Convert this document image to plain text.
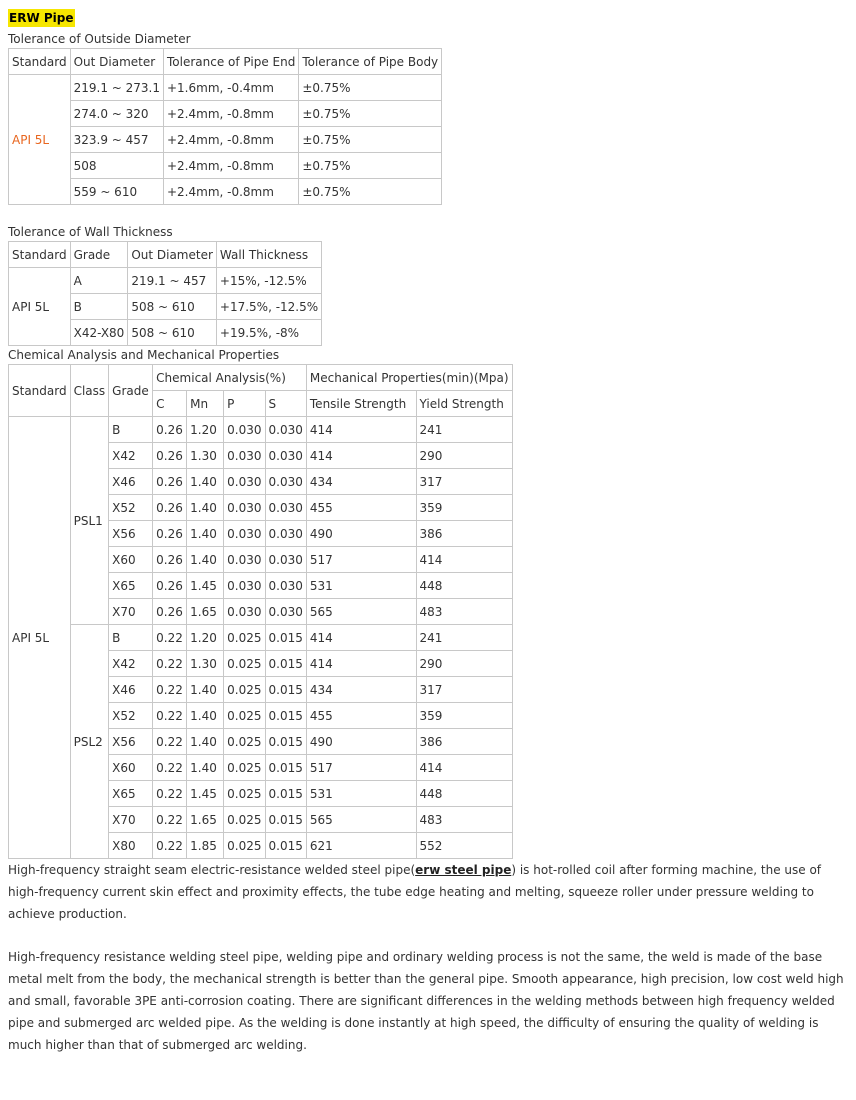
ERW Pipe
Tolerance of Outside Diameter
Standard	Out Diameter	Tolerance of Pipe End	Tolerance of Pipe Body
API 5L	219.1 ~ 273.1	+1.6mm, -0.4mm	±0.75%
	274.0 ~ 320	+2.4mm, -0.8mm	±0.75%
	323.9 ~ 457	+2.4mm, -0.8mm	±0.75%
	508	+2.4mm, -0.8mm	±0.75%
	559 ~ 610	+2.4mm, -0.8mm	±0.75%
Tolerance of Wall Thickness
Standard	Grade	Out Diameter	Wall Thickness
API 5L	A	219.1 ~ 457	+15%, -12.5%
	B	508 ~ 610	+17.5%, -12.5%
	X42-X80	508 ~ 610	+19.5%, -8%
Chemical Analysis and Mechanical Properties
Standard	Class	Grade	Chemical Analysis(%)				Mechanical Properties(min)(Mpa)	
			C	Mn	P	S	Tensile Strength	Yield Strength
API 5L	PSL1	B	0.26	1.20	0.030	0.030	414	241
		X42	0.26	1.30	0.030	0.030	414	290
		X46	0.26	1.40	0.030	0.030	434	317
		X52	0.26	1.40	0.030	0.030	455	359
		X56	0.26	1.40	0.030	0.030	490	386
		X60	0.26	1.40	0.030	0.030	517	414
		X65	0.26	1.45	0.030	0.030	531	448
		X70	0.26	1.65	0.030	0.030	565	483
	PSL2	B	0.22	1.20	0.025	0.015	414	241
		X42	0.22	1.30	0.025	0.015	414	290
		X46	0.22	1.40	0.025	0.015	434	317
		X52	0.22	1.40	0.025	0.015	455	359
		X56	0.22	1.40	0.025	0.015	490	386
		X60	0.22	1.40	0.025	0.015	517	414
		X65	0.22	1.45	0.025	0.015	531	448
		X70	0.22	1.65	0.025	0.015	565	483
		X80	0.22	1.85	0.025	0.015	621	552

High-frequency straight seam electric-resistance welded steel pipe(erw steel pipe) is hot-rolled coil after forming machine, the use of high-frequency current skin effect and proximity effects, the tube edge heating and melting, squeeze roller under pressure welding to achieve production.

High-frequency resistance welding steel pipe, welding pipe and ordinary welding process is not the same, the weld is made of the base metal melt from the body, the mechanical strength is better than the general pipe. Smooth appearance, high precision, low cost weld high and small, favorable 3PE anti-corrosion coating. There are significant differences in the welding methods between high frequency welded pipe and submerged arc welded pipe. As the welding is done instantly at high speed, the difficulty of ensuring the quality of welding is much higher than that of submerged arc welding.
